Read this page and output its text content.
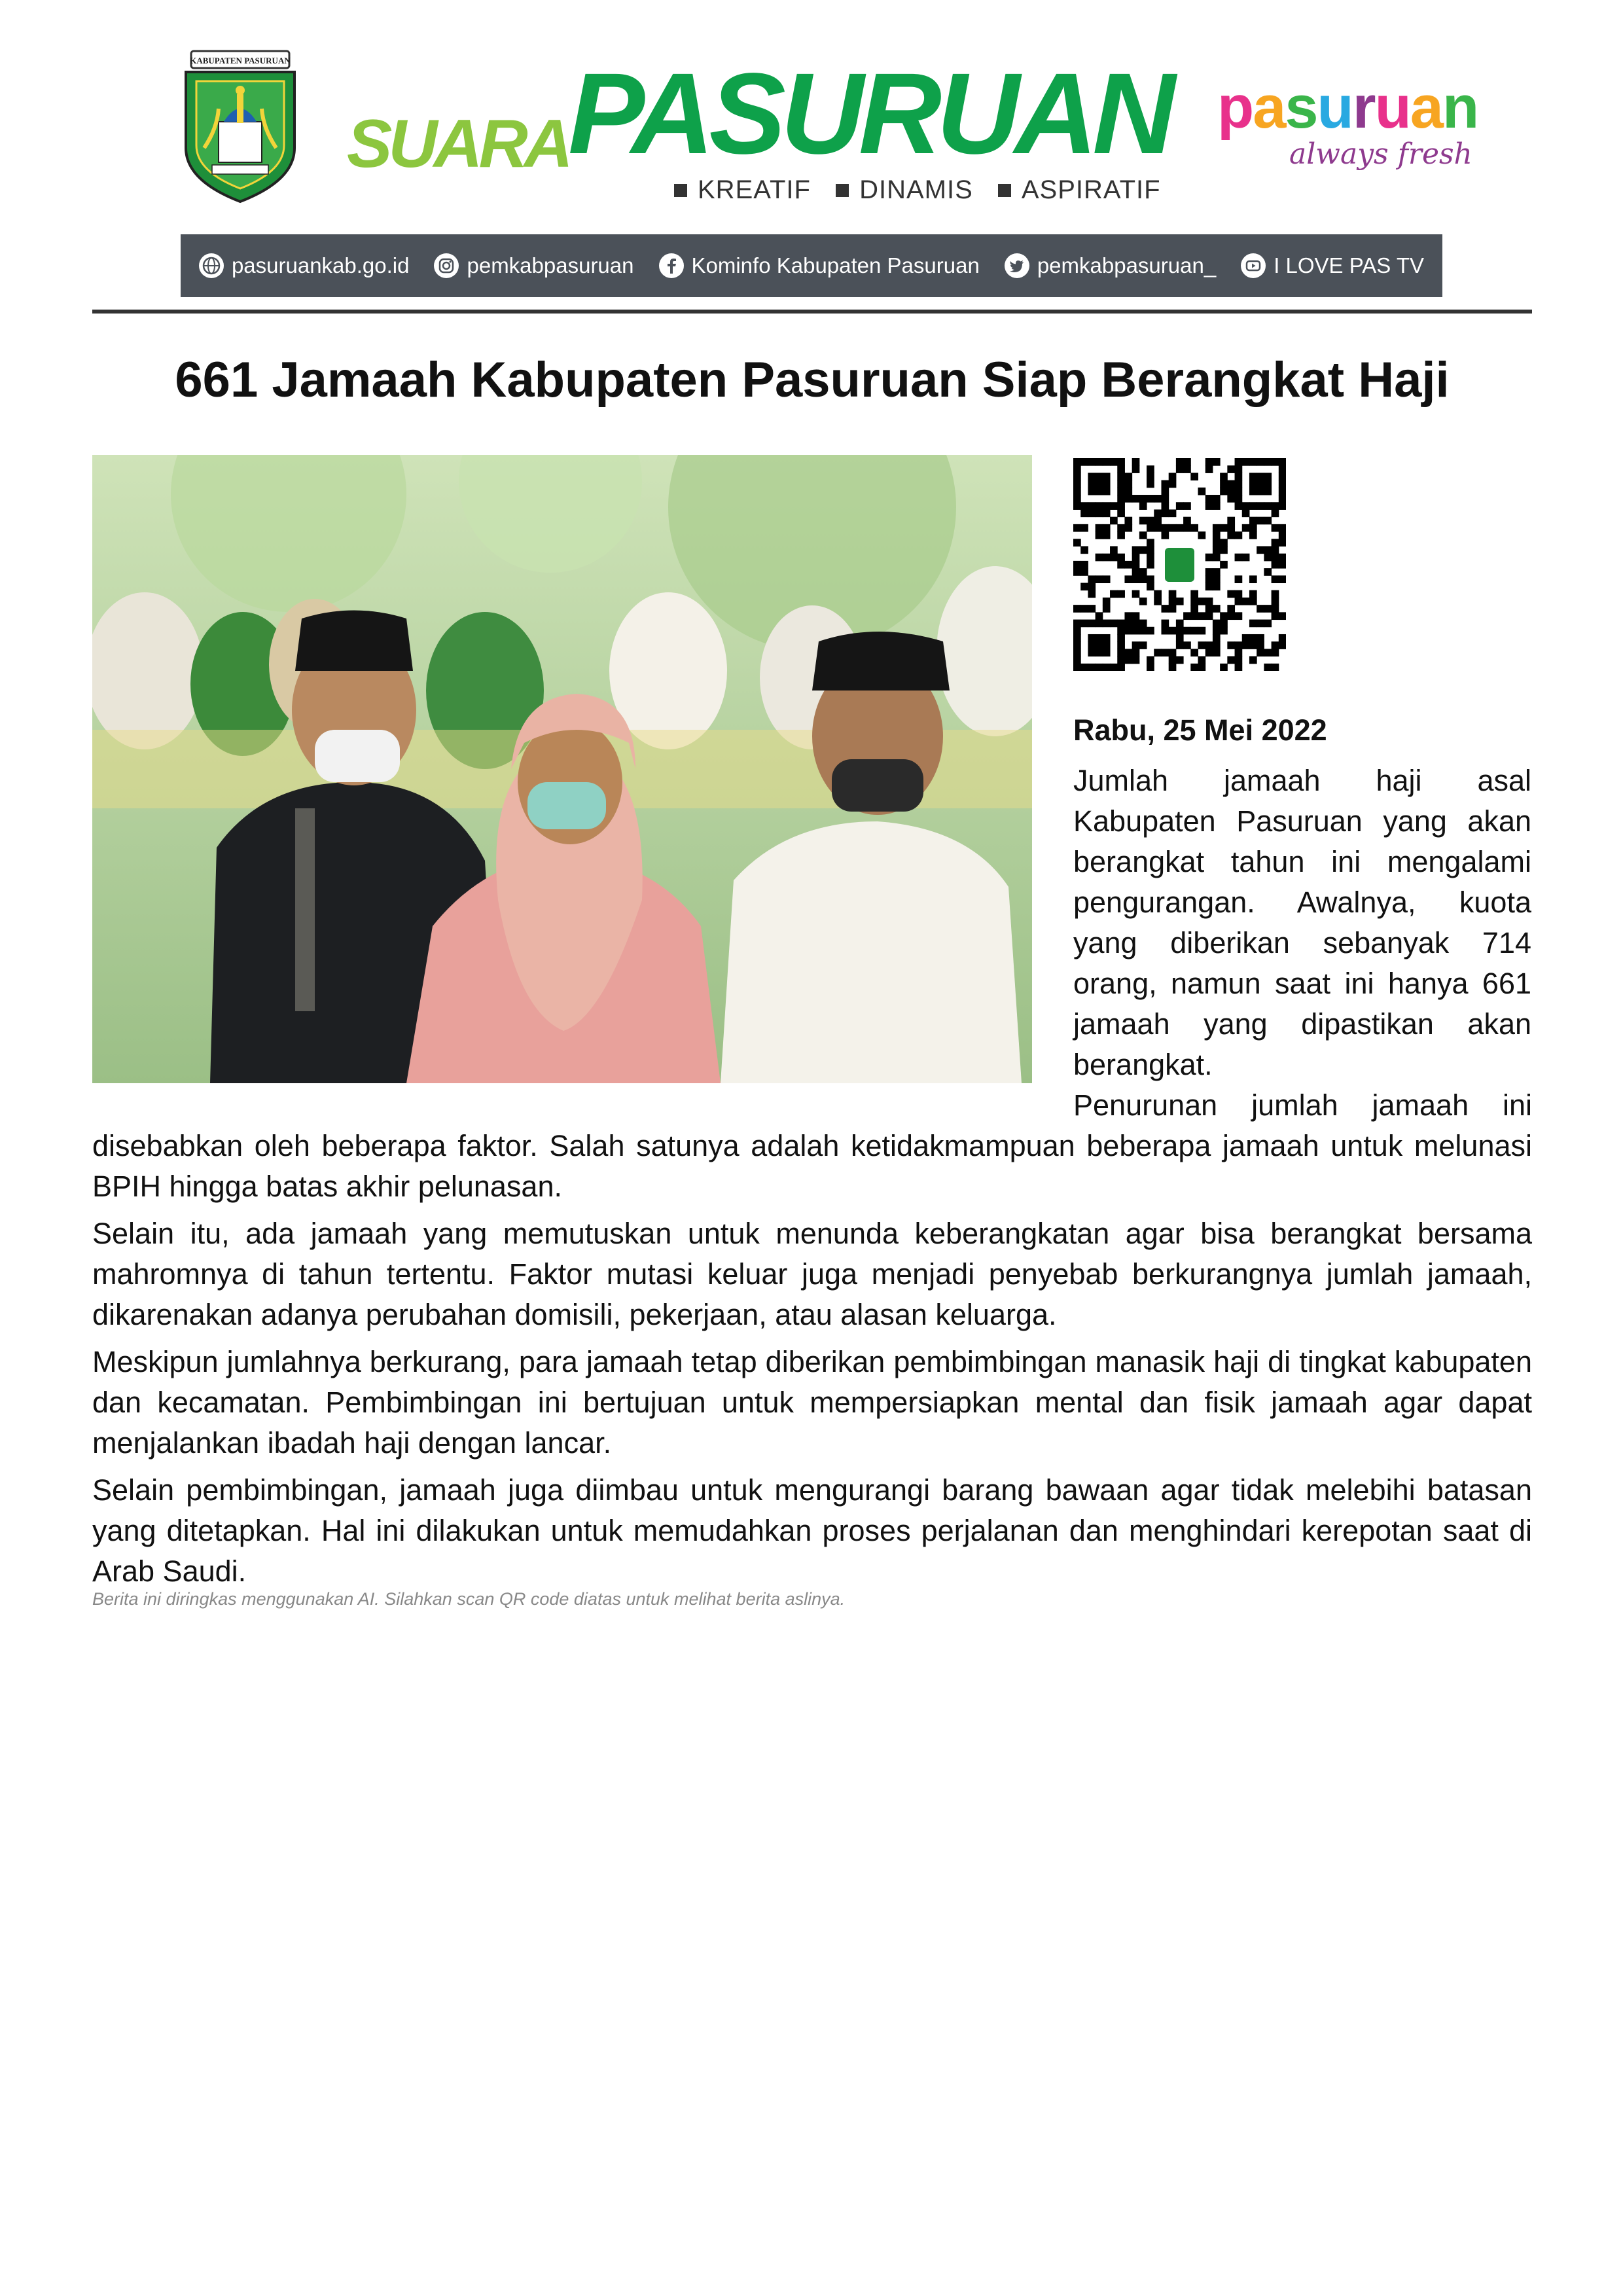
KABUPATEN PASURUAN
SUARA
PASURUAN
KREATIF DINAMIS ASPIRATIF
pasuruan
always fresh
pasuruankab.go.id	pemkabpasuruan	Kominfo Kabupaten Pasuruan	pemkabpasuruan_	I LOVE PAS TV
661 Jamaah Kabupaten Pasuruan Siap Berangkat Haji
Rabu, 25 Mei 2022

Jumlah jamaah haji asal Kabupaten Pasuruan yang akan berangkat tahun ini mengalami pengurangan. Awalnya, kuota yang diberikan sebanyak 714 orang, namun saat ini hanya 661 jamaah yang dipastikan akan berangkat.

Penurunan jumlah jamaah ini

disebabkan oleh beberapa faktor. Salah satunya adalah ketidakmampuan beberapa jamaah untuk melunasi BPIH hingga batas akhir pelunasan.

Selain itu, ada jamaah yang memutuskan untuk menunda keberangkatan agar bisa berangkat bersama mahromnya di tahun tertentu. Faktor mutasi keluar juga menjadi penyebab berkurangnya jumlah jamaah, dikarenakan adanya perubahan domisili, pekerjaan, atau alasan keluarga.

Meskipun jumlahnya berkurang, para jamaah tetap diberikan pembimbingan manasik haji di tingkat kabupaten dan kecamatan. Pembimbingan ini bertujuan untuk mempersiapkan mental dan fisik jamaah agar dapat menjalankan ibadah haji dengan lancar.

Selain pembimbingan, jamaah juga diimbau untuk mengurangi barang bawaan agar tidak melebihi batasan yang ditetapkan. Hal ini dilakukan untuk memudahkan proses perjalanan dan menghindari kerepotan saat di Arab Saudi.

Berita ini diringkas menggunakan AI. Silahkan scan QR code diatas untuk melihat berita aslinya.
